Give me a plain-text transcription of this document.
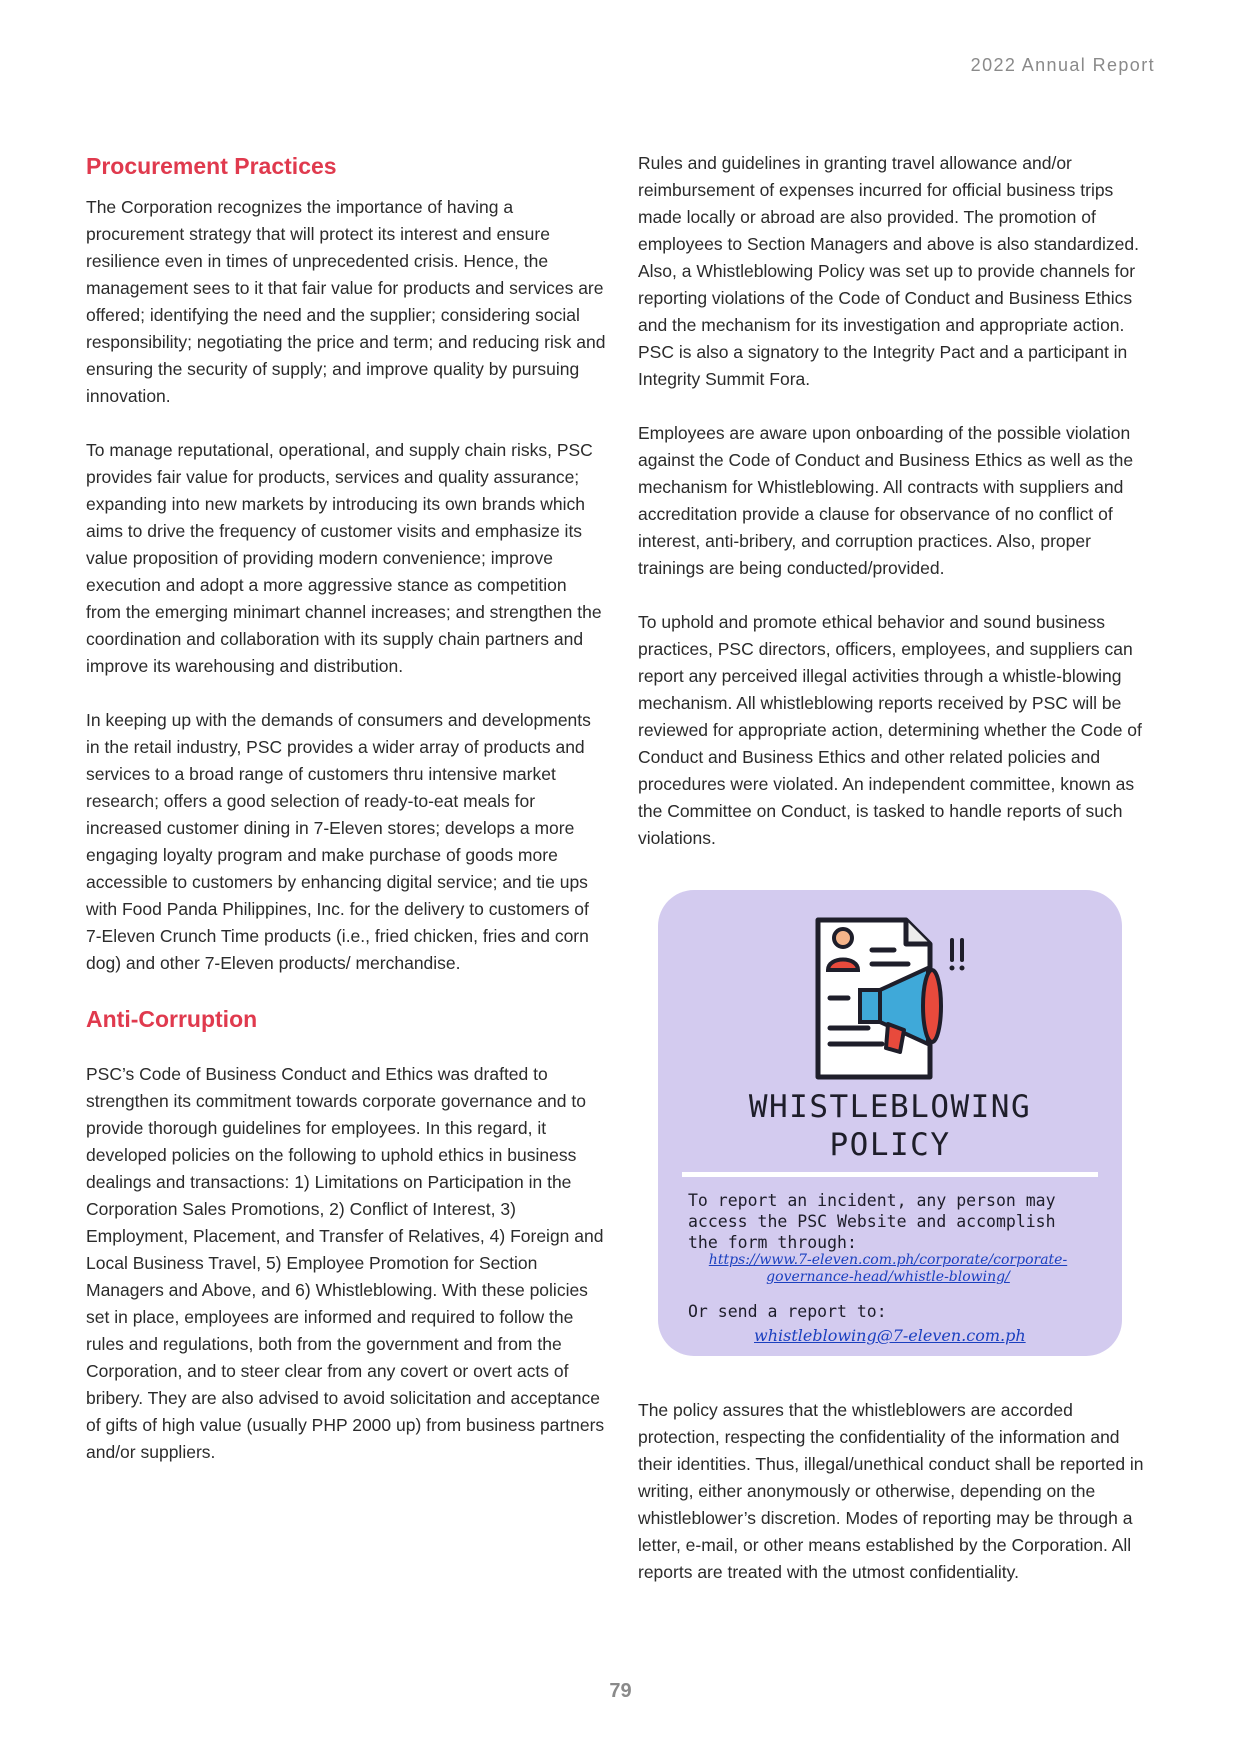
2022 Annual Report
Procurement Practices

The Corporation recognizes the importance of having a procurement strategy that will protect its interest and ensure resilience even in times of unprecedented crisis. Hence, the management sees to it that fair value for products and services are offered; identifying the need and the supplier; considering social responsibility; negotiating the price and term; and reducing risk and ensuring the security of supply; and improve quality by pursuing innovation.

To manage reputational, operational, and supply chain risks, PSC provides fair value for products, services and quality assurance; expanding into new markets by introducing its own brands which aims to drive the frequency of customer visits and emphasize its value proposition of providing modern convenience; improve execution and adopt a more aggressive stance as competition from the emerging minimart channel increases; and strengthen the coordination and collaboration with its supply chain partners and improve its warehousing and distribution.

In keeping up with the demands of consumers and developments in the retail industry, PSC provides a wider array of products and services to a broad range of customers thru intensive market research; offers a good selection of ready-to-eat meals for increased customer dining in 7-Eleven stores; develops a more engaging loyalty program and make purchase of goods more accessible to customers by enhancing digital service; and tie ups with Food Panda Philippines, Inc. for the delivery to customers of 7-Eleven Crunch Time products (i.e., fried chicken, fries and corn dog) and other 7-Eleven products/ merchandise.

Anti-Corruption

PSC’s Code of Business Conduct and Ethics was drafted to strengthen its commitment towards corporate governance and to provide thorough guidelines for employees. In this regard, it developed policies on the following to uphold ethics in business dealings and transactions: 1) Limitations on Participation in the Corporation Sales Promotions, 2) Conflict of Interest, 3) Employment, Placement, and Transfer of Relatives, 4) Foreign and Local Business Travel, 5) Employee Promotion for Section Managers and Above, and 6) Whistleblowing. With these policies set in place, employees are informed and required to follow the rules and regulations, both from the government and from the Corporation, and to steer clear from any covert or overt acts of bribery. They are also advised to avoid solicitation and acceptance of gifts of high value (usually PHP 2000 up) from business partners and/or suppliers.

Rules and guidelines in granting travel allowance and/or reimbursement of expenses incurred for official business trips made locally or abroad are also provided. The promotion of employees to Section Managers and above is also standardized. Also, a Whistleblowing Policy was set up to provide channels for reporting violations of the Code of Conduct and Business Ethics and the mechanism for its investigation and appropriate action. PSC is also a signatory to the Integrity Pact and a participant in Integrity Summit Fora.

Employees are aware upon onboarding of the possible violation against the Code of Conduct and Business Ethics as well as the mechanism for Whistleblowing. All contracts with suppliers and accreditation provide a clause for observance of no conflict of interest, anti-bribery, and corruption practices. Also, proper trainings are being conducted/provided.

To uphold and promote ethical behavior and sound business practices, PSC directors, officers, employees, and suppliers can report any perceived illegal activities through a whistle-blowing mechanism. All whistleblowing reports received by PSC will be reviewed for appropriate action, determining whether the Code of Conduct and Business Ethics and other related policies and procedures were violated. An independent committee, known as the Committee on Conduct, is tasked to handle reports of such violations.

WHISTLEBLOWING
POLICY
To report an incident, any person may access the PSC Website and accomplish the form through:
https://www.7-eleven.com.ph/corporate/corporate-
governance-head/whistle-blowing/
Or send a report to:
whistleblowing@7-eleven.com.ph

The policy assures that the whistleblowers are accorded protection, respecting the confidentiality of the information and their identities. Thus, illegal/unethical conduct shall be reported in writing, either anonymously or otherwise, depending on the whistleblower’s discretion. Modes of reporting may be through a letter, e-mail, or other means established by the Corporation. All reports are treated with the utmost confidentiality.

79
